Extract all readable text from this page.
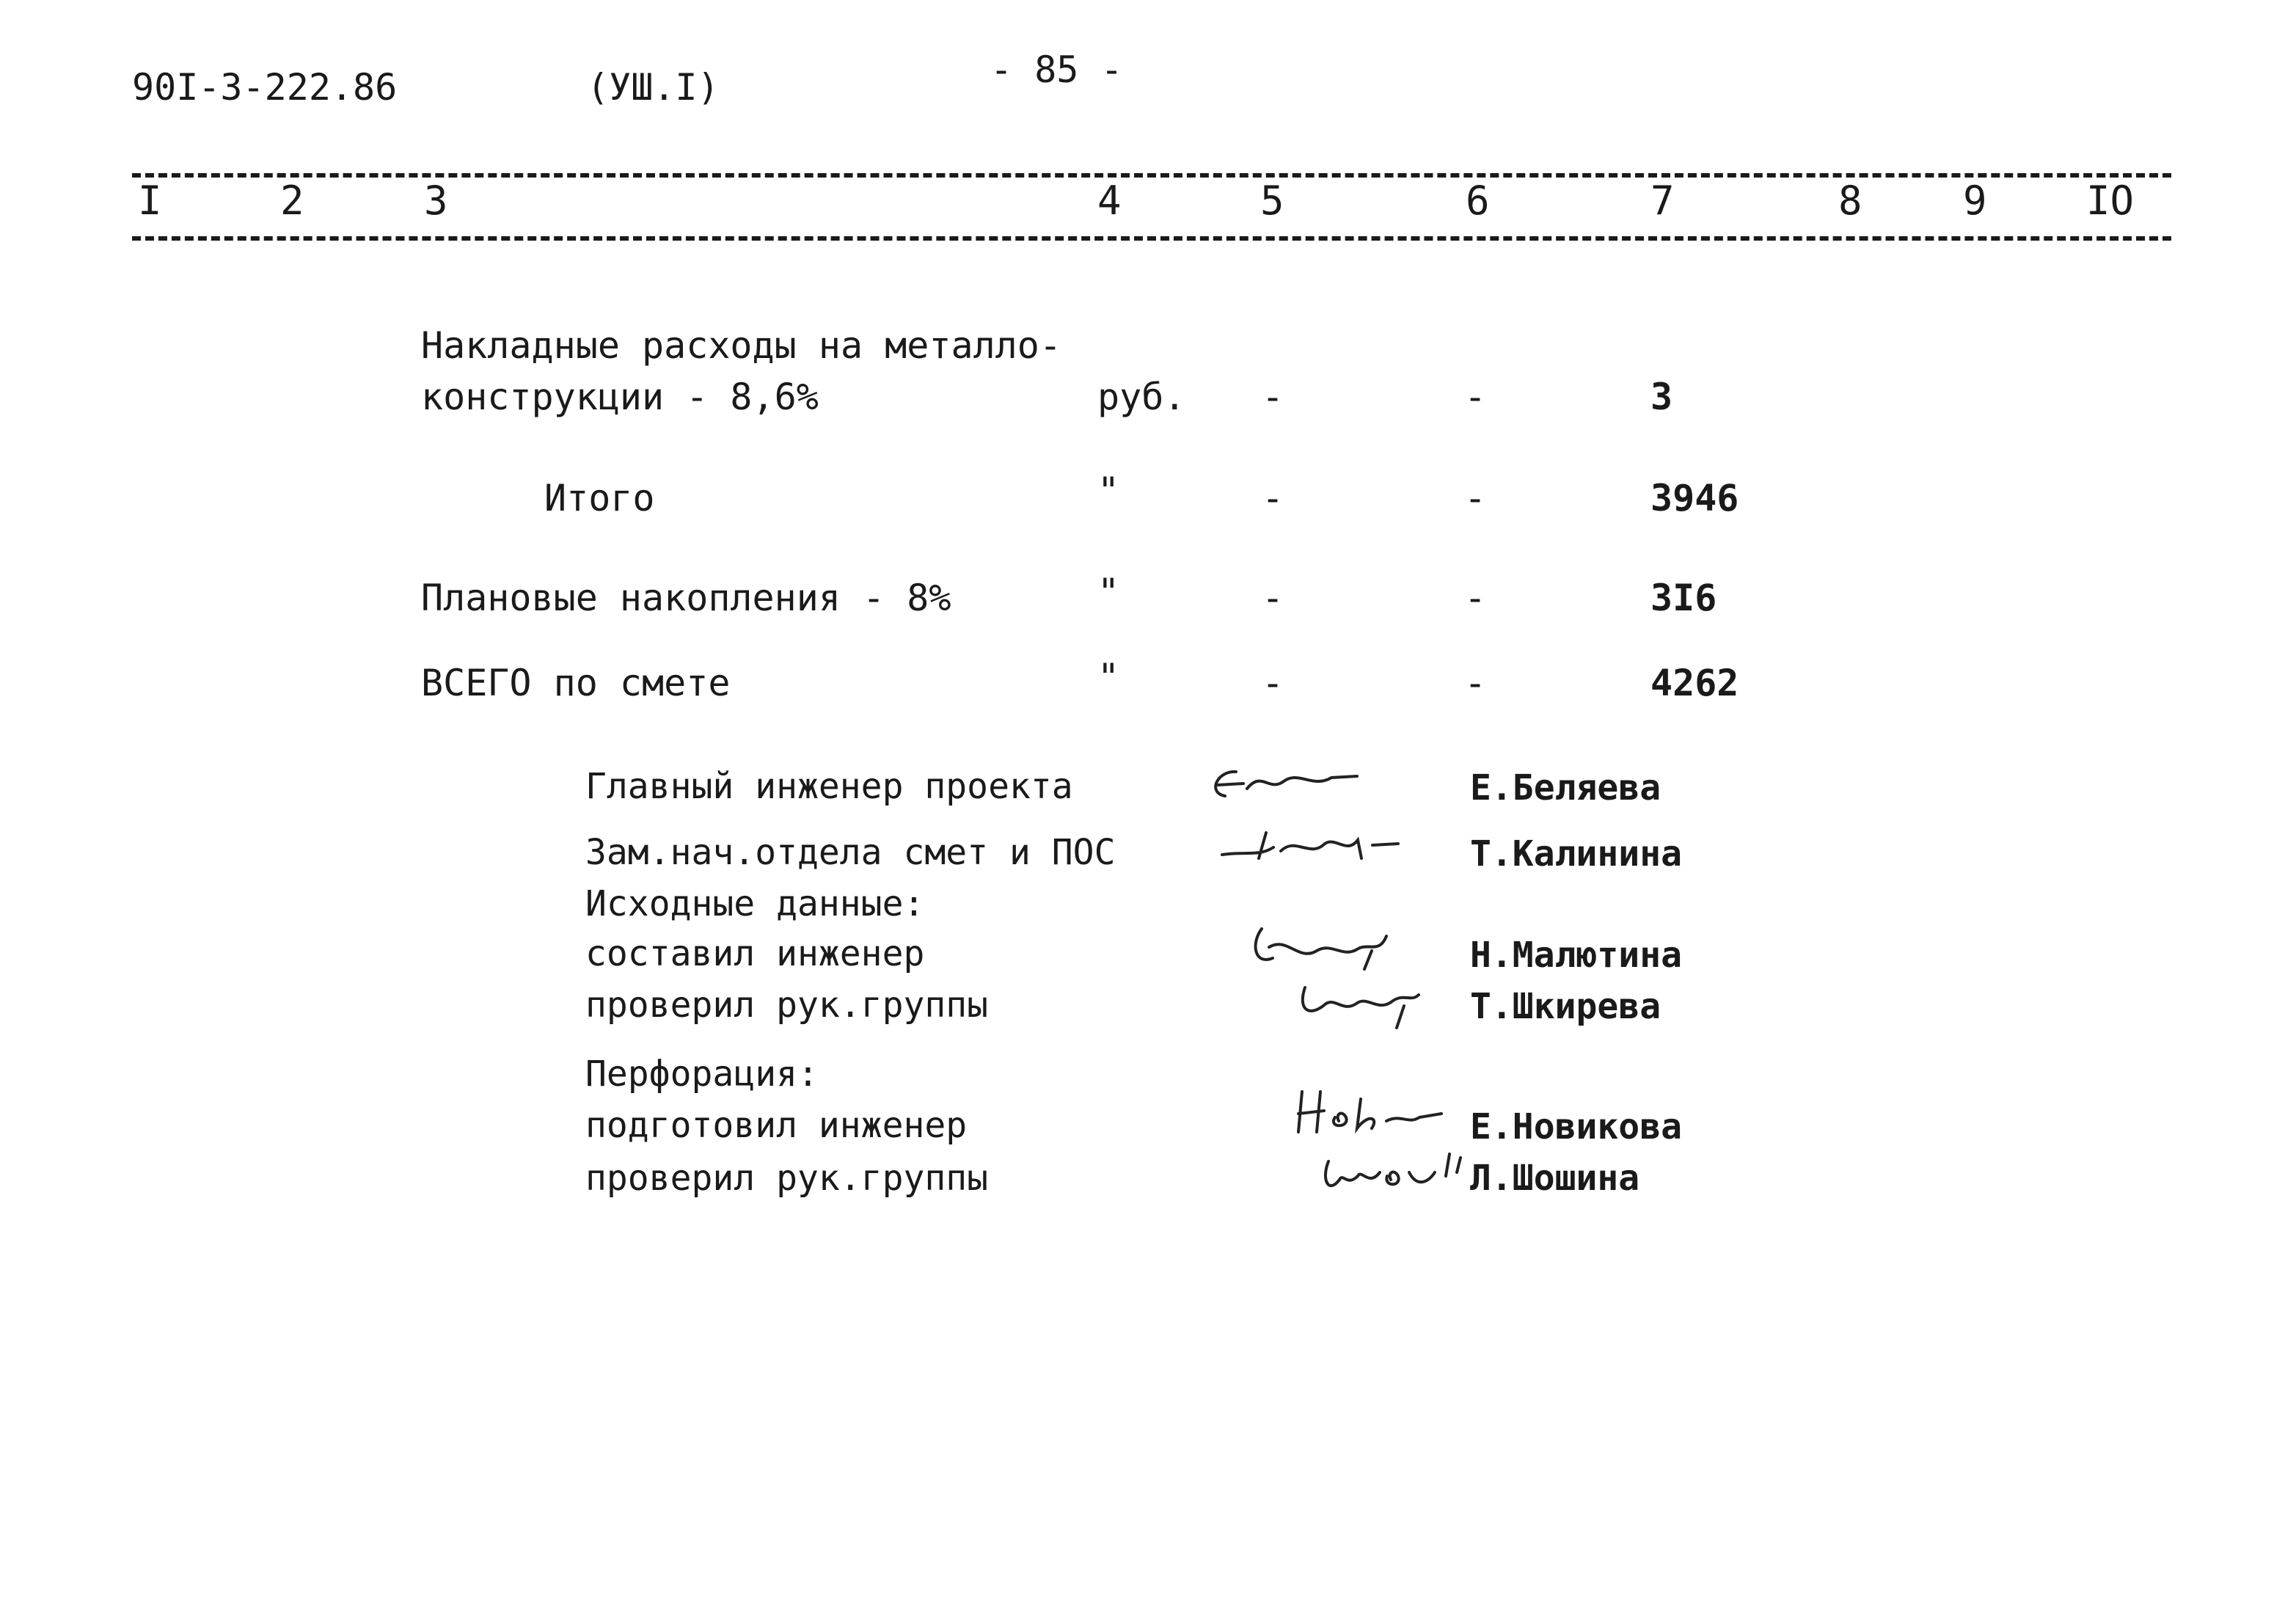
90I-3-222.86	(УШ.I)	- 85 -
I	2	3	4	5	6	7	8	9	IO
Накладные расходы на металло-
конструкции - 8,6%	руб. -	-	3
Итого	"	-	-	3946
Плановые накопления - 8%	"	-	-	3I6
ВСЕГО по смете	"	-	-	4262
Главный инженер проекта	Е.Беляева
Зам.нач.отдела смет и ПОС	Т.Калинина
Исходные данные:
составил инженер	Н.Малютина
проверил рук.группы	Т.Шкирева
Перфорация:
подготовил инженер	Е.Новикова
проверил рук.группы	Л.Шошина
